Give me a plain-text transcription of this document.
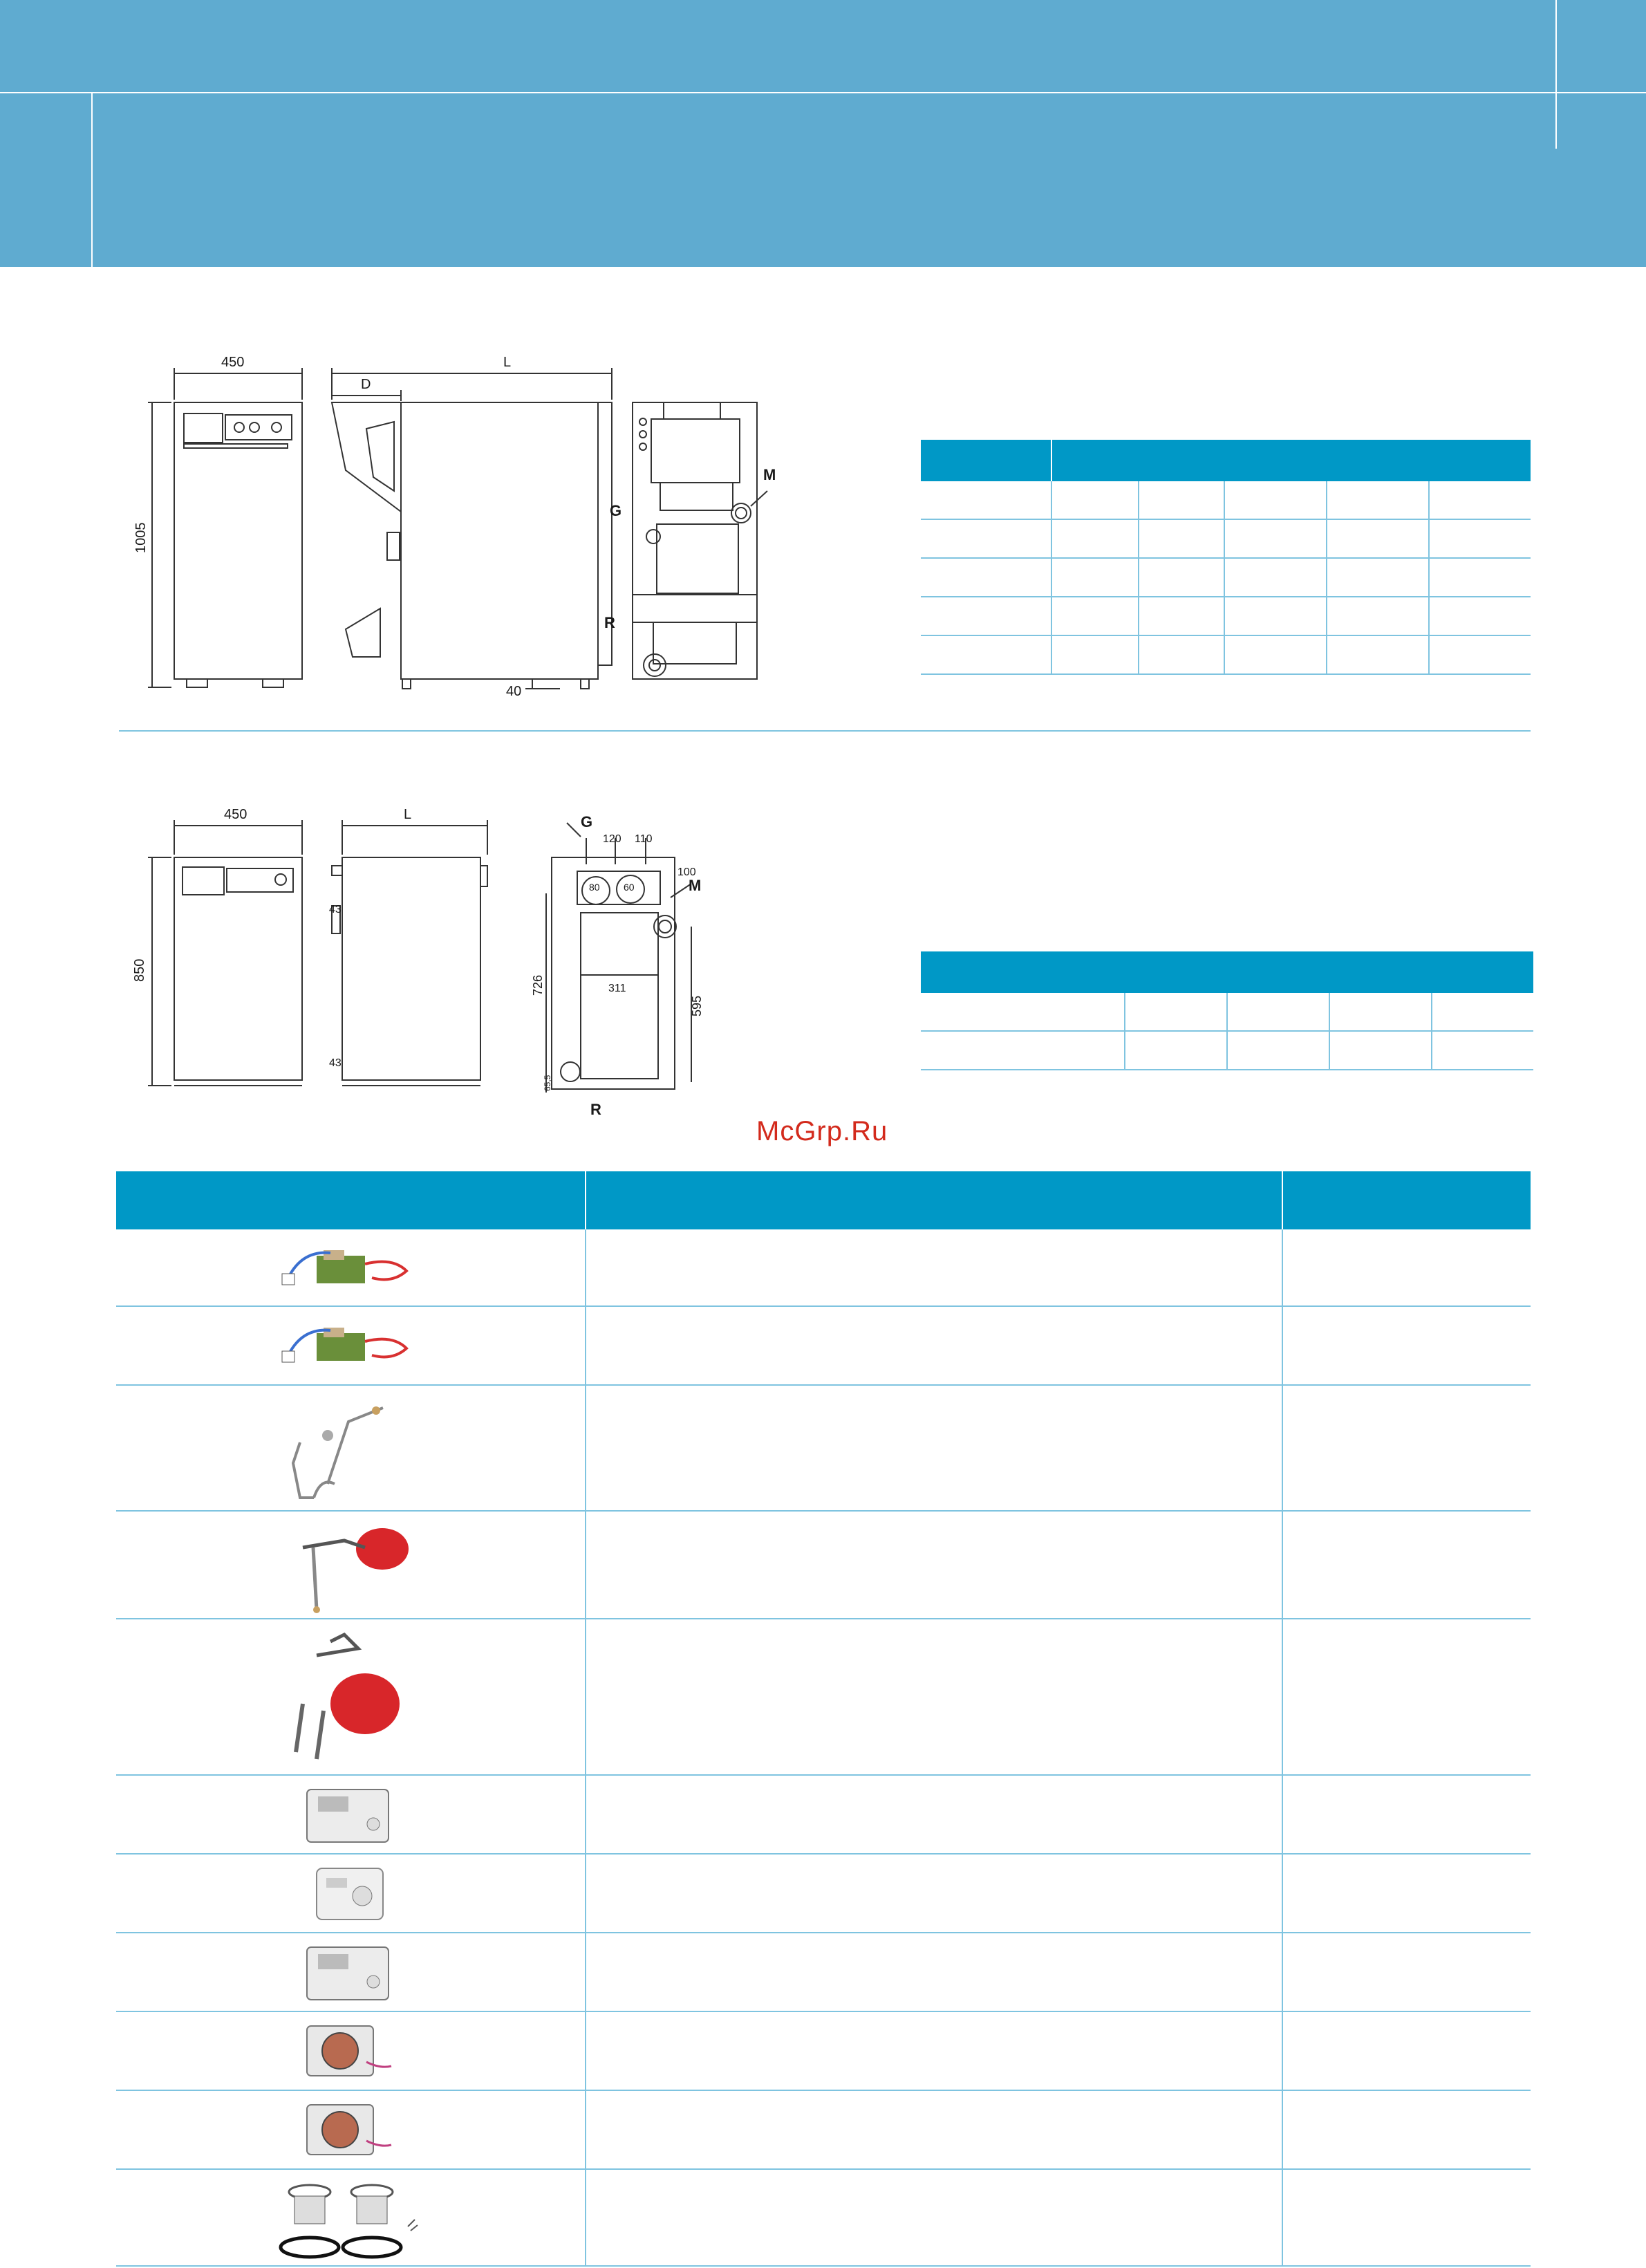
450	L
D
1005
40
G
M
R
450	L
850
43
43
G
M
R
120 110
100
80 60
726	311
595
65,5
McGrp.Ru
